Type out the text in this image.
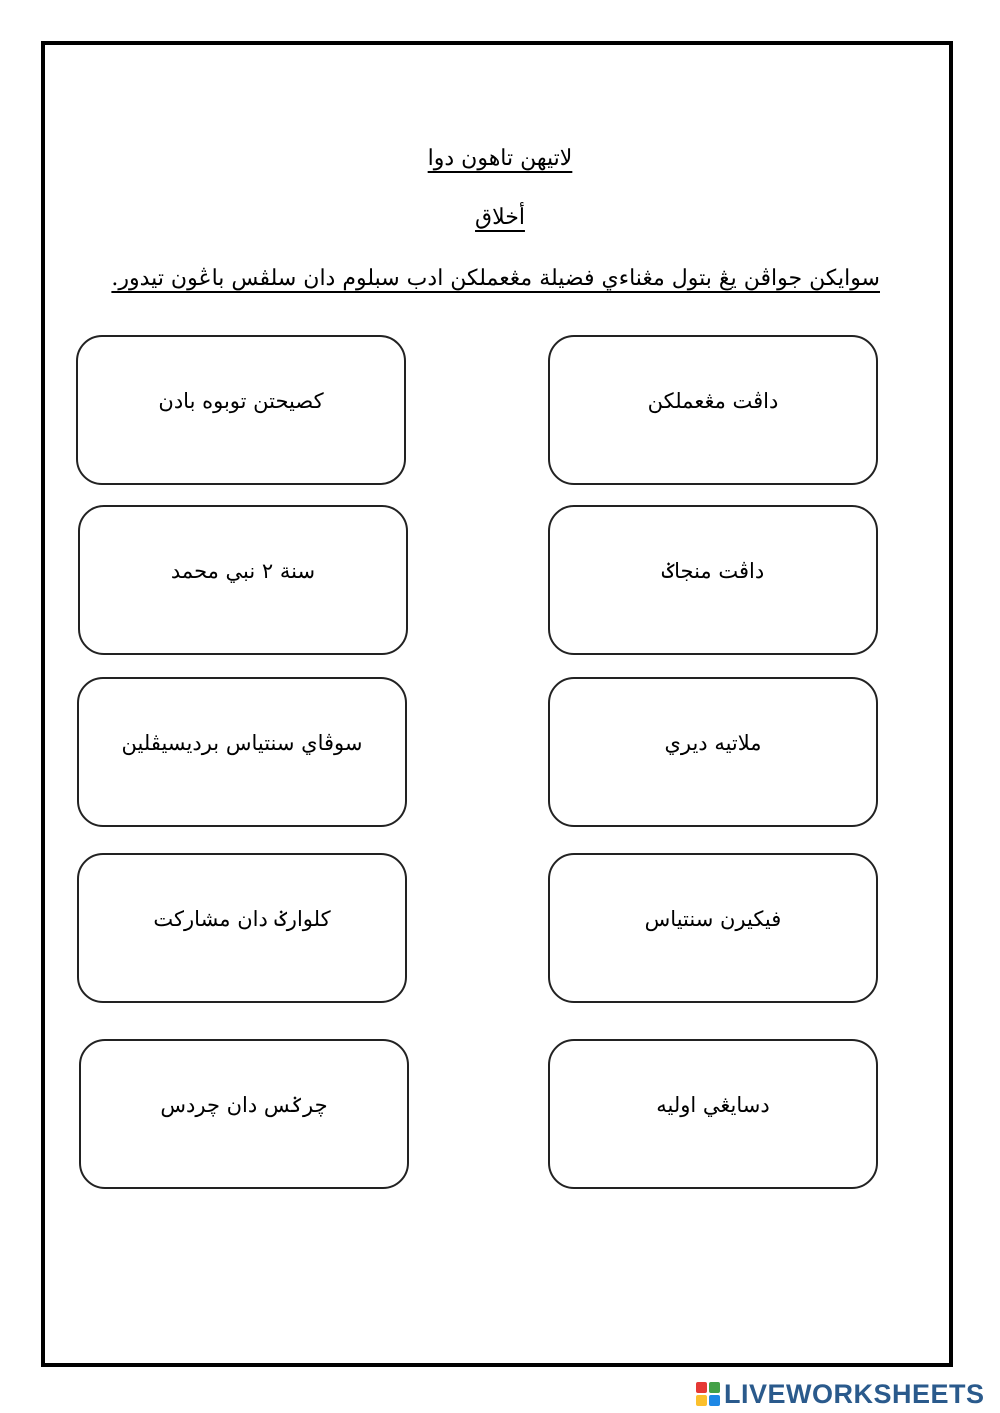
لاتيهن تاهون دوا
أخلاق
سوايكن جواڤن يڠ بتول مڠناءي فضيلة مڠعملكن ادب سبلوم دان سلڤس باڠون تيدور.
کصيحتن توبوه بادن
سنة ٢ نبي محمد
سوڤاي سنتياس برديسيڤلين
کلوارݢ دان مشارکت
چرݢس دان چردس
داڤت مڠعملکن
داڤت منجاݢ
ملاتيه ديري
فيکيرن سنتياس
دسايڠي اوليه
LIVEWORKSHEETS
